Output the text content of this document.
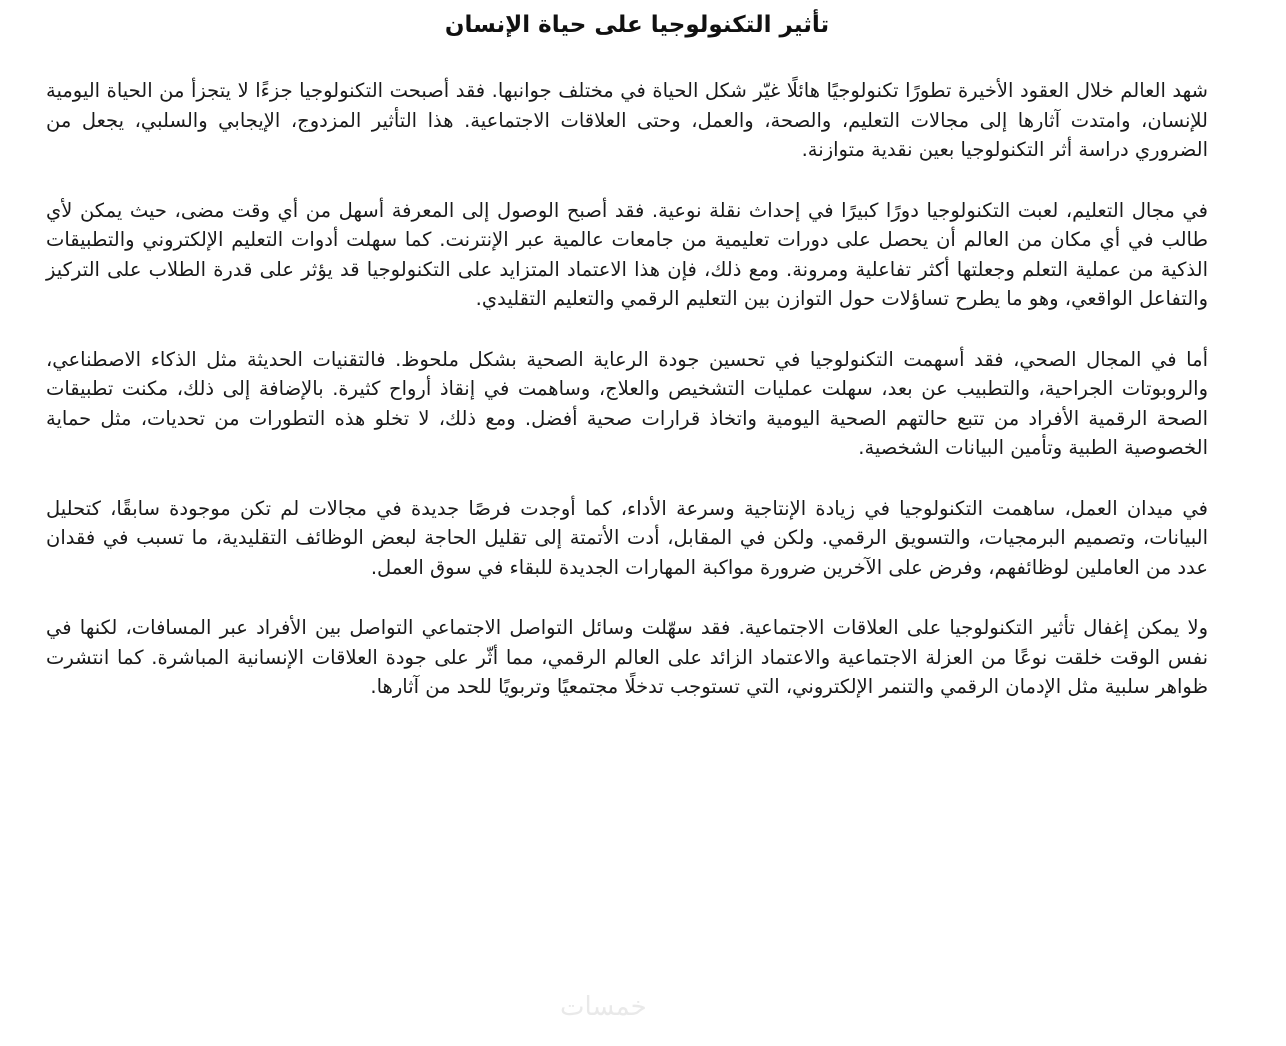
تأثير التكنولوجيا على حياة الإنسان

شهد العالم خلال العقود الأخيرة تطورًا تكنولوجيًا هائلًا غيّر شكل الحياة في مختلف جوانبها. فقد أصبحت التكنولوجيا جزءًا لا يتجزأ من الحياة اليومية للإنسان، وامتدت آثارها إلى مجالات التعليم، والصحة، والعمل، وحتى العلاقات الاجتماعية. هذا التأثير المزدوج، الإيجابي والسلبي، يجعل من الضروري دراسة أثر التكنولوجيا بعين نقدية متوازنة.

في مجال التعليم، لعبت التكنولوجيا دورًا كبيرًا في إحداث نقلة نوعية. فقد أصبح الوصول إلى المعرفة أسهل من أي وقت مضى، حيث يمكن لأي طالب في أي مكان من العالم أن يحصل على دورات تعليمية من جامعات عالمية عبر الإنترنت. كما سهلت أدوات التعليم الإلكتروني والتطبيقات الذكية من عملية التعلم وجعلتها أكثر تفاعلية ومرونة. ومع ذلك، فإن هذا الاعتماد المتزايد على التكنولوجيا قد يؤثر على قدرة الطلاب على التركيز والتفاعل الواقعي، وهو ما يطرح تساؤلات حول التوازن بين التعليم الرقمي والتعليم التقليدي.

أما في المجال الصحي، فقد أسهمت التكنولوجيا في تحسين جودة الرعاية الصحية بشكل ملحوظ. فالتقنيات الحديثة مثل الذكاء الاصطناعي، والروبوتات الجراحية، والتطبيب عن بعد، سهلت عمليات التشخيص والعلاج، وساهمت في إنقاذ أرواح كثيرة. بالإضافة إلى ذلك، مكنت تطبيقات الصحة الرقمية الأفراد من تتبع حالتهم الصحية اليومية واتخاذ قرارات صحية أفضل. ومع ذلك، لا تخلو هذه التطورات من تحديات، مثل حماية الخصوصية الطبية وتأمين البيانات الشخصية.

في ميدان العمل، ساهمت التكنولوجيا في زيادة الإنتاجية وسرعة الأداء، كما أوجدت فرصًا جديدة في مجالات لم تكن موجودة سابقًا، كتحليل البيانات، وتصميم البرمجيات، والتسويق الرقمي. ولكن في المقابل، أدت الأتمتة إلى تقليل الحاجة لبعض الوظائف التقليدية، ما تسبب في فقدان عدد من العاملين لوظائفهم، وفرض على الآخرين ضرورة مواكبة المهارات الجديدة للبقاء في سوق العمل.

ولا يمكن إغفال تأثير التكنولوجيا على العلاقات الاجتماعية. فقد سهّلت وسائل التواصل الاجتماعي التواصل بين الأفراد عبر المسافات، لكنها في نفس الوقت خلقت نوعًا من العزلة الاجتماعية والاعتماد الزائد على العالم الرقمي، مما أثّر على جودة العلاقات الإنسانية المباشرة. كما انتشرت ظواهر سلبية مثل الإدمان الرقمي والتنمر الإلكتروني، التي تستوجب تدخلًا مجتمعيًا وتربويًا للحد من آثارها.

خمسات
